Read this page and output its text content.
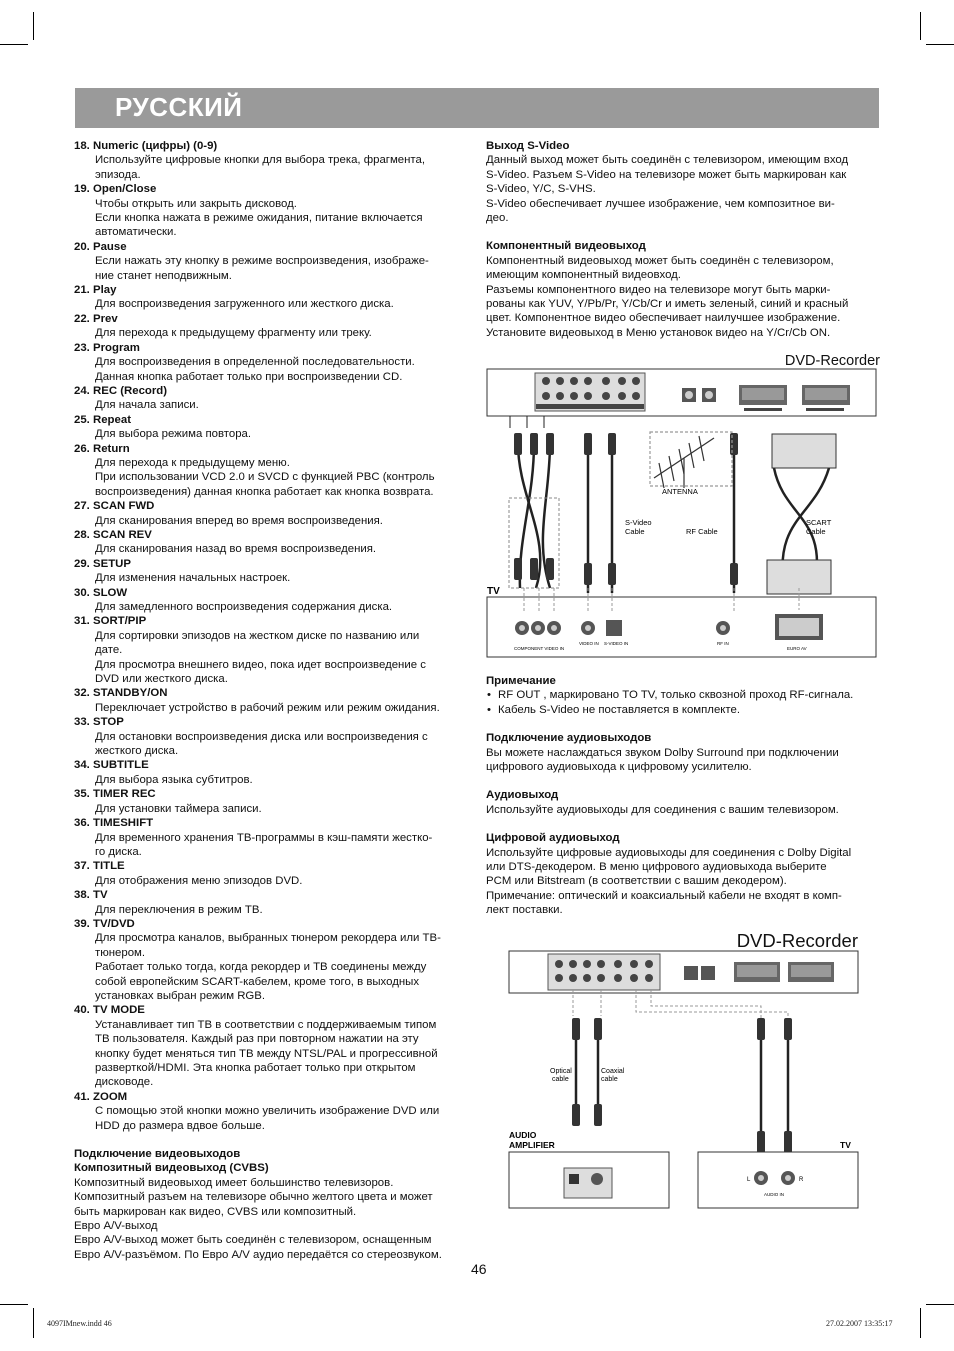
РУССКИЙ
18. Numeric (цифры) (0-9)
Используйте цифровые кнопки для выбора трека, фрагмента,
эпизода.
19. Open/Close
Чтобы открыть или закрыть дисковод.
Если кнопка нажата в режиме ожидания, питание включается
автоматически.
20. Pause
Если нажать эту кнопку в режиме воспроизведения, изображе-
ние станет неподвижным.
21. Play
Для воспроизведения загруженного или жесткого диска.
22. Prev
Для перехода к предыдущему фрагменту или треку.
23. Program
Для воспроизведения в определенной последовательности.
Данная кнопка работает только при воспроизведении CD.
24. REC (Record)
Для начала записи.
25. Repeat
Для выбора режима повтора.
26. Return
Для перехода к предыдущему меню.
При использовании VCD 2.0 и SVCD с функцией PBC (контроль
воспроизведения) данная кнопка работает как кнопка возврата.
27. SCAN FWD
Для сканирования вперед во время воспроизведения.
28. SCAN REV
Для сканирования назад во время воспроизведения.
29. SETUP
Для изменения начальных настроек.
30. SLOW
Для замедленного воспроизведения содержания диска.
31. SORT/PIP
Для сортировки эпизодов на жестком диске по названию или
дате.
Для просмотра внешнего видео, пока идет воспроизведение с
DVD или жесткого диска.
32. STANDBY/ON
Переключает устройство в рабочий режим или режим ожидания.
33. STOP
Для остановки воспроизведения диска или воспроизведения с
жесткого диска.
34. SUBTITLE
Для выбора языка субтитров.
35. TIMER REC
Для установки таймера записи.
36. TIMESHIFT
Для временного хранения ТВ-программы в кэш-памяти жестко-
го диска.
37. TITLE
Для отображения меню эпизодов DVD.
38. TV
Для переключения в режим ТВ.
39. TV/DVD
Для просмотра каналов, выбранных тюнером рекордера или ТВ-
тюнером.
Работает только тогда, когда рекордер и ТВ соединены между
собой европейским SCART-кабелем, кроме того, в выходных
установках выбран режим RGB.
40. TV MODE
Устанавливает тип ТВ в соответствии с поддерживаемым типом
ТВ пользователя. Каждый раз при повторном нажатии на эту
кнопку будет меняться тип ТВ между NTSL/PAL и прогрессивной
разверткой/HDMI. Эта кнопка работает только при открытом
дисководе.
41. ZOOM
С помощью этой кнопки можно увеличить изображение DVD или
HDD до размера вдвое больше.
Подключение видеовыходов
Композитный видеовыход (CVBS)
Композитный видеовыход имеет большинство телевизоров.
Композитный разъем на телевизоре обычно желтого цвета и может
быть маркирован как видео, CVBS или композитный.
Евро A/V-выход
Евро A/V-выход может быть соединён с телевизором, оснащенным
Евро A/V-разъёмом. По Евро A/V аудио передаётся со стереозвуком.
Выход S-Video
Данный выход может быть соединён с телевизором, имеющим вход
S-Video. Разъем S-Video на телевизоре может быть маркирован как
S-Video, Y/C, S-VHS.
S-Video обеспечивает лучшее изображение, чем композитное ви-
део.
Компонентный видеовыход
Компонентный видеовыход может быть соединён с телевизором,
имеющим компонентный видеовход.
Разъемы компонентного видео на телевизоре могут быть марки-
рованы как YUV, Y/Pb/Pr, Y/Cb/Cr и иметь зеленый, синий и красный
цвет. Компонентное видео обеспечивает наилучшее изображение.
Установите видеовыход в Меню установок видео на Y/Cr/Cb ON.
DVD-Recorder
ANTENNA
S-Video
Cable	RF Cable
SCART
Cable
TV
COMPONENT VIDEO IN
VIDEO IN S-VIDEO IN	RF IN
EURO AV
Примечание
• RF OUT , маркировано TO TV, только сквозной проход RF-сигнала.
• Кабель S-Video не поставляется в комплекте.
Подключение аудиовыходов
Вы можете наслаждаться звуком Dolby Surround при подключении
цифрового аудиовыхода к цифровому усилителю.
Аудиовыход
Используйте аудиовыходы для соединения с вашим телевизором.
Цифровой аудиовыход
Используйте цифровые аудиовыходы для соединения с Dolby Digital
или DTS-декодером. В меню цифрового аудиовыхода выберите
PCM или Bitstream (в соответствии с вашим декодером).
Примечание: оптический и коаксиальный кабели не входят в комп-
лект поставки.
DVD-Recorder
Optical
cable
Coaxial
cable
AUDIO
AMPLIFIER	TV
L	R
AUDIO IN
46
4097IMnew.indd 46	27.02.2007 13:35:17
